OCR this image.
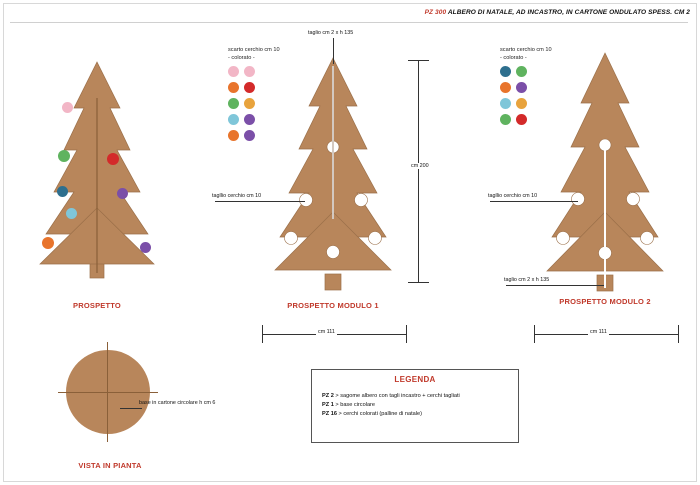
PZ 300 ALBERO DI NATALE, AD INCASTRO, IN CARTONE ONDULATO SPESS. CM 2
PROSPETTO	PROSPETTO MODULO 1
taglio cm 2 x h 135
tagllio cerchio cm 10
scarto cerchio cm 10
- colorato -
cm 200
cm 111
PROSPETTO MODULO 2
tagllio cerchio cm 10
taglio cm 2 x h 135
scarto cerchio cm 10
- colorato -
cm 111
base in cartone circolare h cm 6
VISTA IN PIANTA
LEGENDA
PZ 2 > sagome albero con tagli incastro + cerchi tagliati
PZ 1 > base circolare
PZ 16 > cerchi colorati (palline di natale)
